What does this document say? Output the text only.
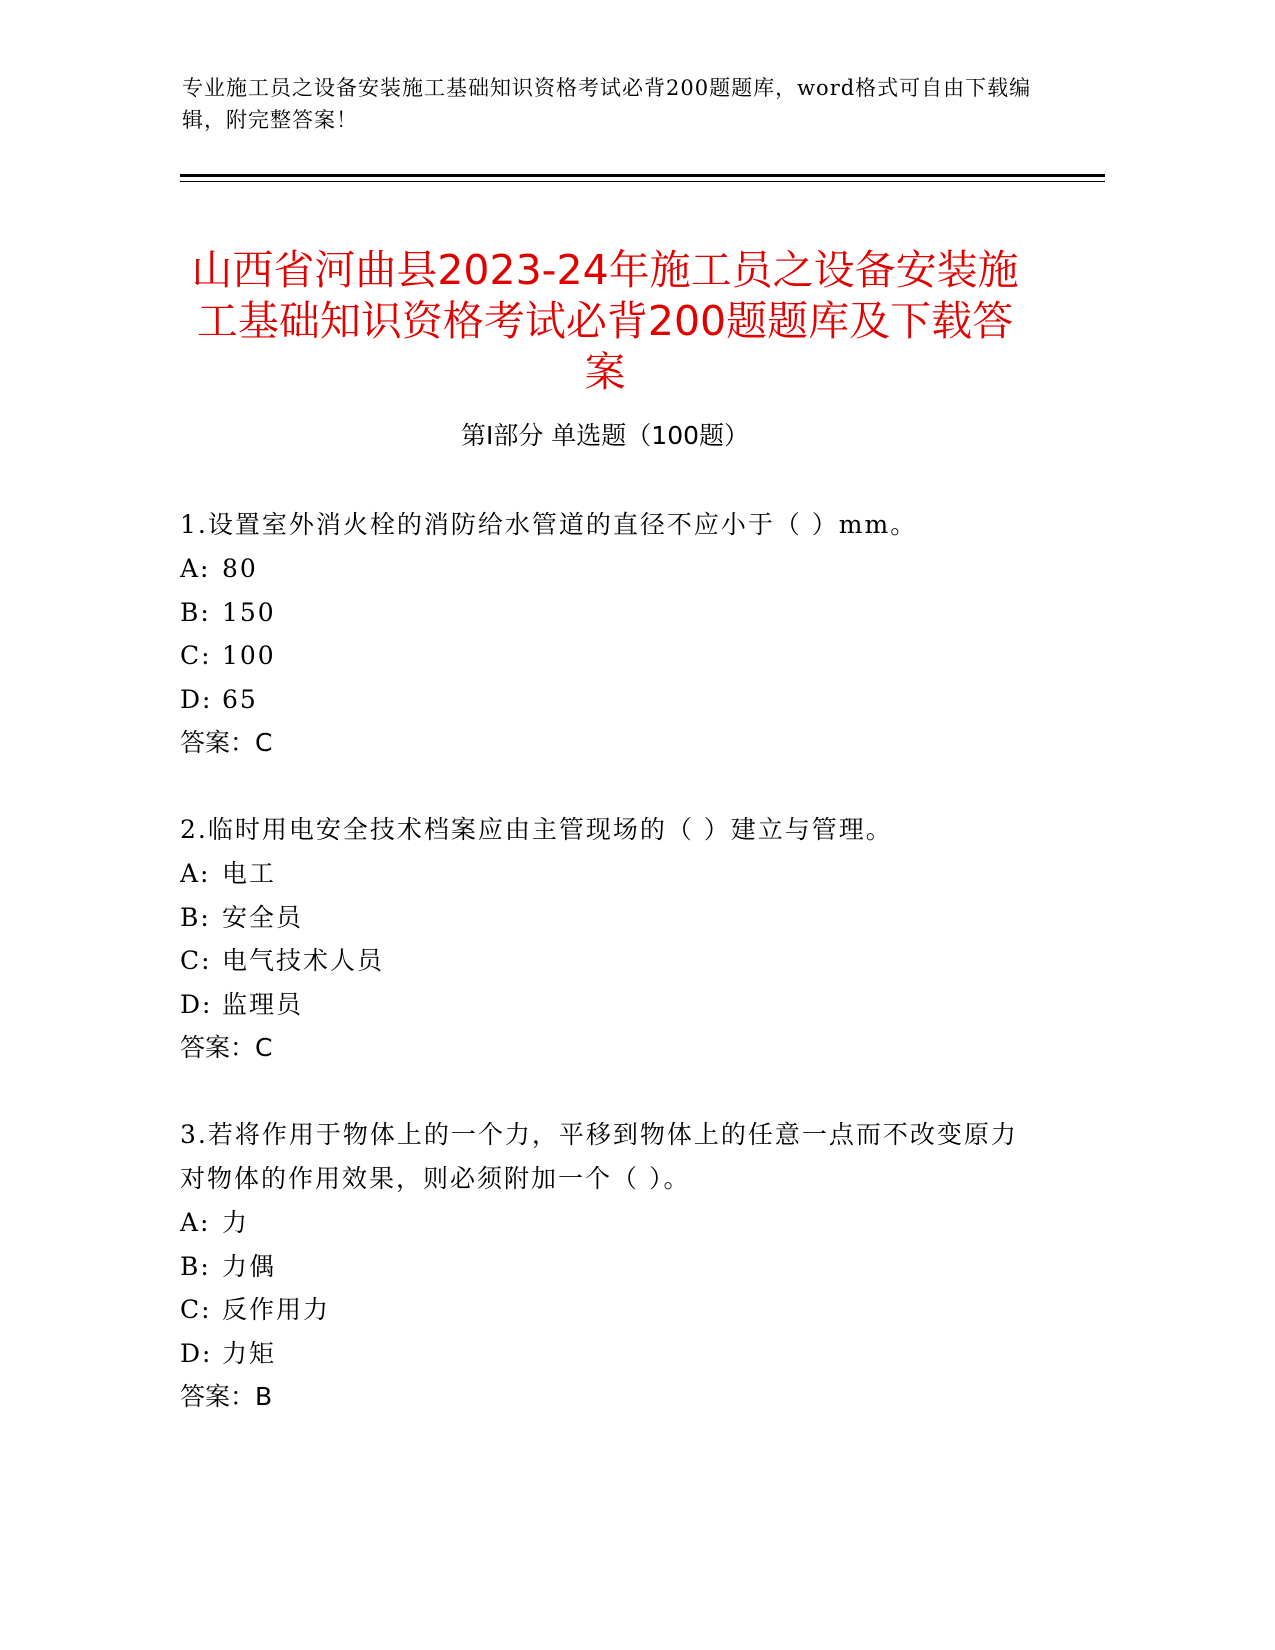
专业施工员之设备安装施工基础知识资格考试必背200题题库，word格式可自由下载编辑，附完整答案！
山西省河曲县2023-24年施工员之设备安装施工基础知识资格考试必背200题题库及下载答案
第Ⅰ部分 单选题（100题）
1.设置室外消火栓的消防给水管道的直径不应小于（ ）mm。
A: 80
B: 150
C: 100
D: 65
答案：C
2.临时用电安全技术档案应由主管现场的（ ）建立与管理。
A: 电工
B: 安全员
C: 电气技术人员
D: 监理员
答案：C
3.若将作用于物体上的一个力，平移到物体上的任意一点而不改变原力对物体的作用效果，则必须附加一个（ ）。
A: 力
B: 力偶
C: 反作用力
D: 力矩
答案：B
